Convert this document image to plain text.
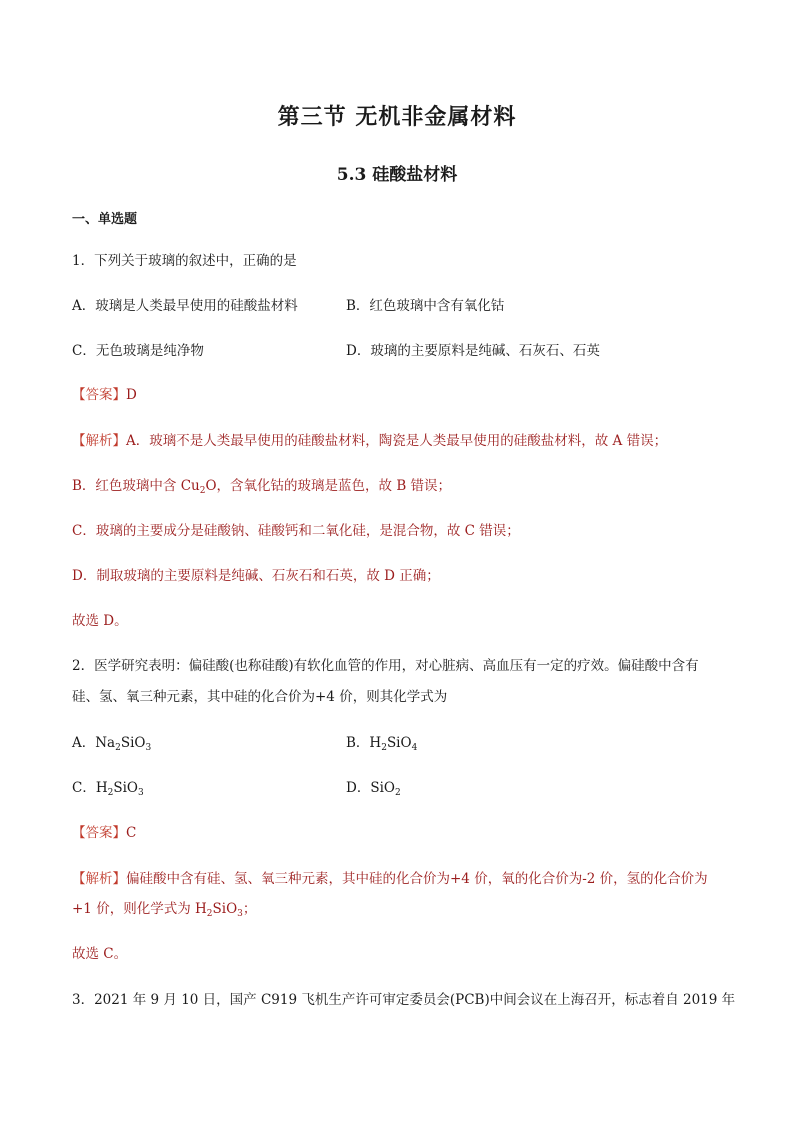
第三节 无机非金属材料
5.3 硅酸盐材料
一、单选题
1．下列关于玻璃的叙述中，正确的是
A．玻璃是人类最早使用的硅酸盐材料	B．红色玻璃中含有氧化钴
C．无色玻璃是纯净物	D．玻璃的主要原料是纯碱、石灰石、石英
【答案】D
【解析】A．玻璃不是人类最早使用的硅酸盐材料，陶瓷是人类最早使用的硅酸盐材料，故 A 错误；
B．红色玻璃中含 $Cu_2O$，含氧化钴的玻璃是蓝色，故 B 错误；
C．玻璃的主要成分是硅酸钠、硅酸钙和二氧化硅，是混合物，故 C 错误；
D．制取玻璃的主要原料是纯碱、石灰石和石英，故 D 正确；
故选 D。
2．医学研究表明：偏硅酸(也称硅酸)有软化血管的作用，对心脏病、高血压有一定的疗效。偏硅酸中含有
硅、氢、氧三种元素，其中硅的化合价为+4 价，则其化学式为
A．$Na_2SiO_3$	B．$H_2SiO_4$
C．$H_2SiO_3$	D．SiO$_2$
【答案】C
【解析】偏硅酸中含有硅、氢、氧三种元素，其中硅的化合价为+4 价，氧的化合价为-2 价，氢的化合价为
+1 价，则化学式为 $H_2SiO_3$；
故选 C。
3．2021 年 9 月 10 日，国产 C919 飞机生产许可审定委员会(PCB)中间会议在上海召开，标志着自 2019 年
